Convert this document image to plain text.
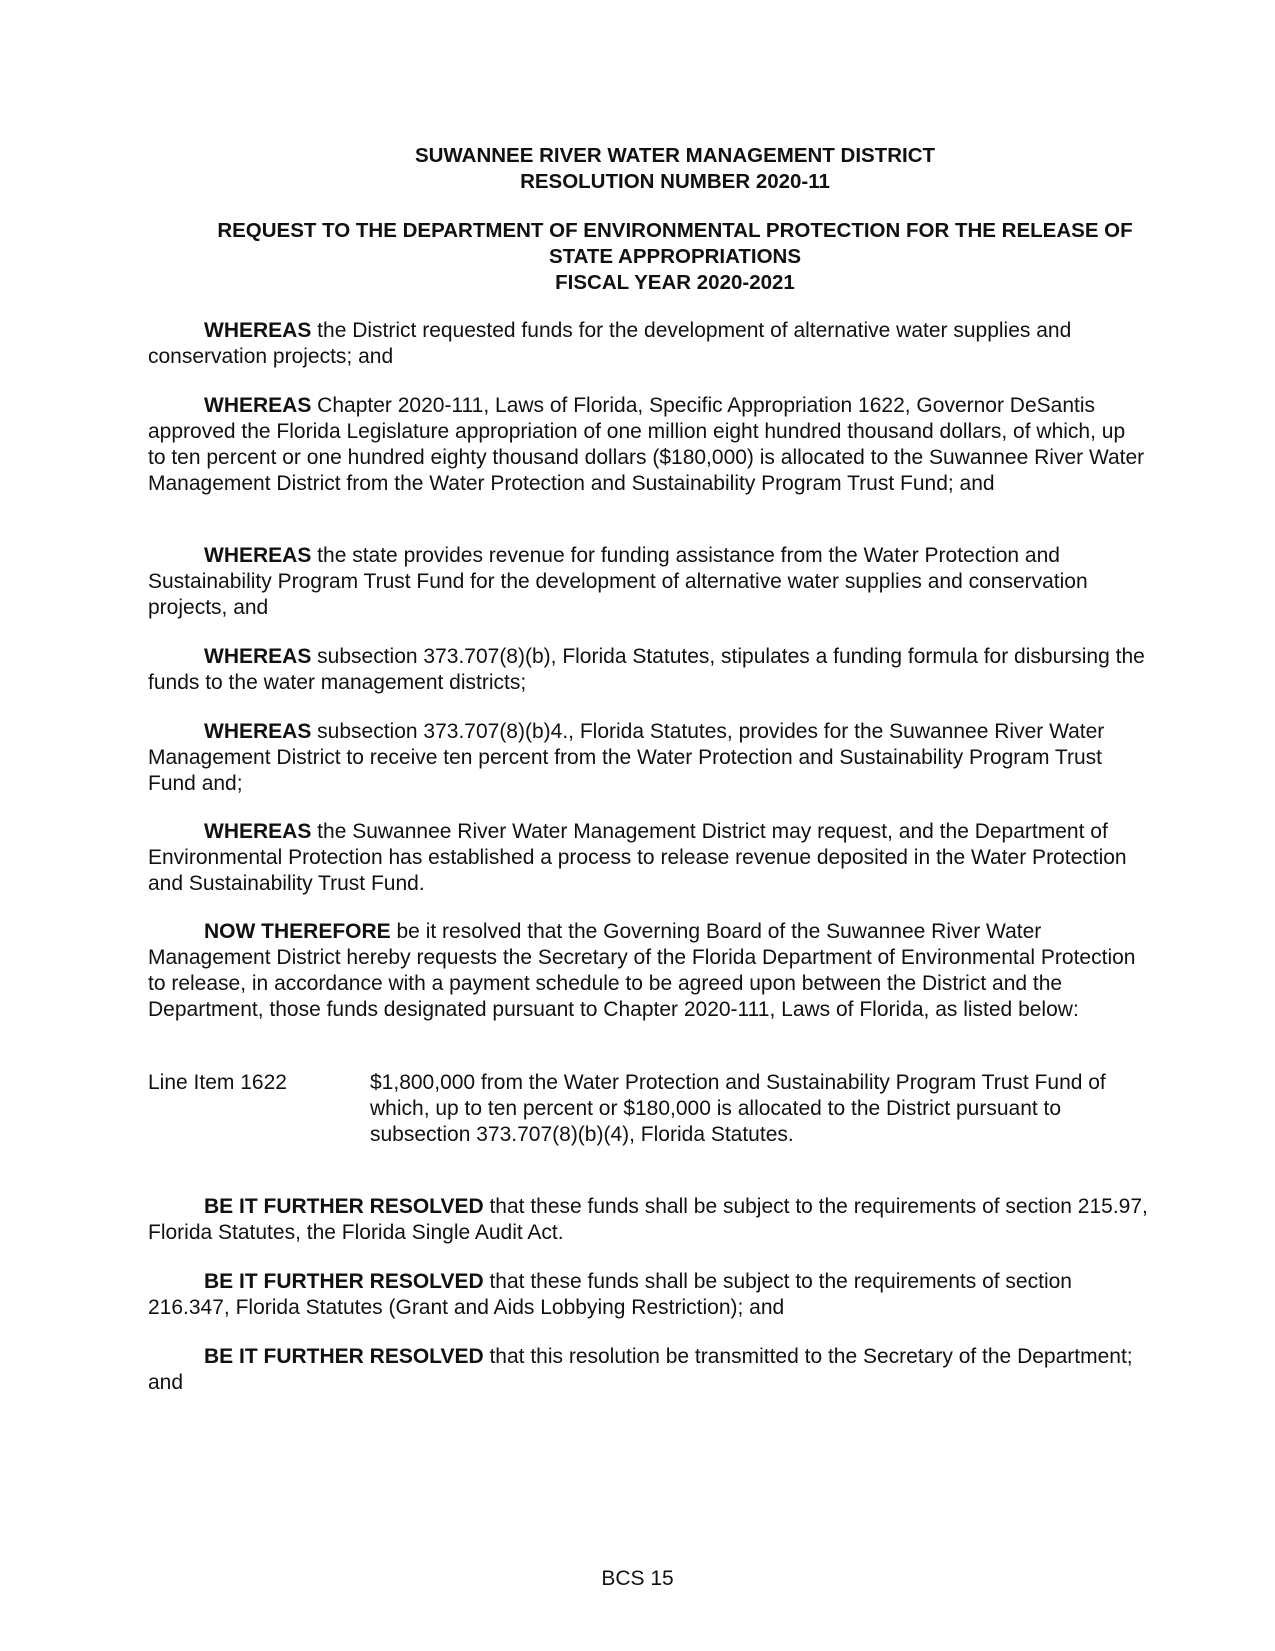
SUWANNEE RIVER WATER MANAGEMENT DISTRICT
RESOLUTION NUMBER 2020-11
REQUEST TO THE DEPARTMENT OF ENVIRONMENTAL PROTECTION FOR THE RELEASE OF
STATE APPROPRIATIONS
FISCAL YEAR 2020-2021

WHEREAS the District requested funds for the development of alternative water supplies and conservation projects; and

WHEREAS Chapter 2020-111, Laws of Florida, Specific Appropriation 1622, Governor DeSantis approved the Florida Legislature appropriation of one million eight hundred thousand dollars, of which, up to ten percent or one hundred eighty thousand dollars ($180,000) is allocated to the Suwannee River Water Management District from the Water Protection and Sustainability Program Trust Fund; and

WHEREAS the state provides revenue for funding assistance from the Water Protection and Sustainability Program Trust Fund for the development of alternative water supplies and conservation projects, and

WHEREAS subsection 373.707(8)(b), Florida Statutes, stipulates a funding formula for disbursing the funds to the water management districts;

WHEREAS subsection 373.707(8)(b)4., Florida Statutes, provides for the Suwannee River Water Management District to receive ten percent from the Water Protection and Sustainability Program Trust Fund and;

WHEREAS the Suwannee River Water Management District may request, and the Department of Environmental Protection has established a process to release revenue deposited in the Water Protection and Sustainability Trust Fund.

NOW THEREFORE be it resolved that the Governing Board of the Suwannee River Water Management District hereby requests the Secretary of the Florida Department of Environmental Protection to release, in accordance with a payment schedule to be agreed upon between the District and the Department, those funds designated pursuant to Chapter 2020-111, Laws of Florida, as listed below:

Line Item 1622	$1,800,000 from the Water Protection and Sustainability Program Trust Fund of which, up to ten percent or $180,000 is allocated to the District pursuant to subsection 373.707(8)(b)(4), Florida Statutes.

BE IT FURTHER RESOLVED that these funds shall be subject to the requirements of section 215.97, Florida Statutes, the Florida Single Audit Act.

BE IT FURTHER RESOLVED that these funds shall be subject to the requirements of section 216.347, Florida Statutes (Grant and Aids Lobbying Restriction); and

BE IT FURTHER RESOLVED that this resolution be transmitted to the Secretary of the Department; and

BCS 15
